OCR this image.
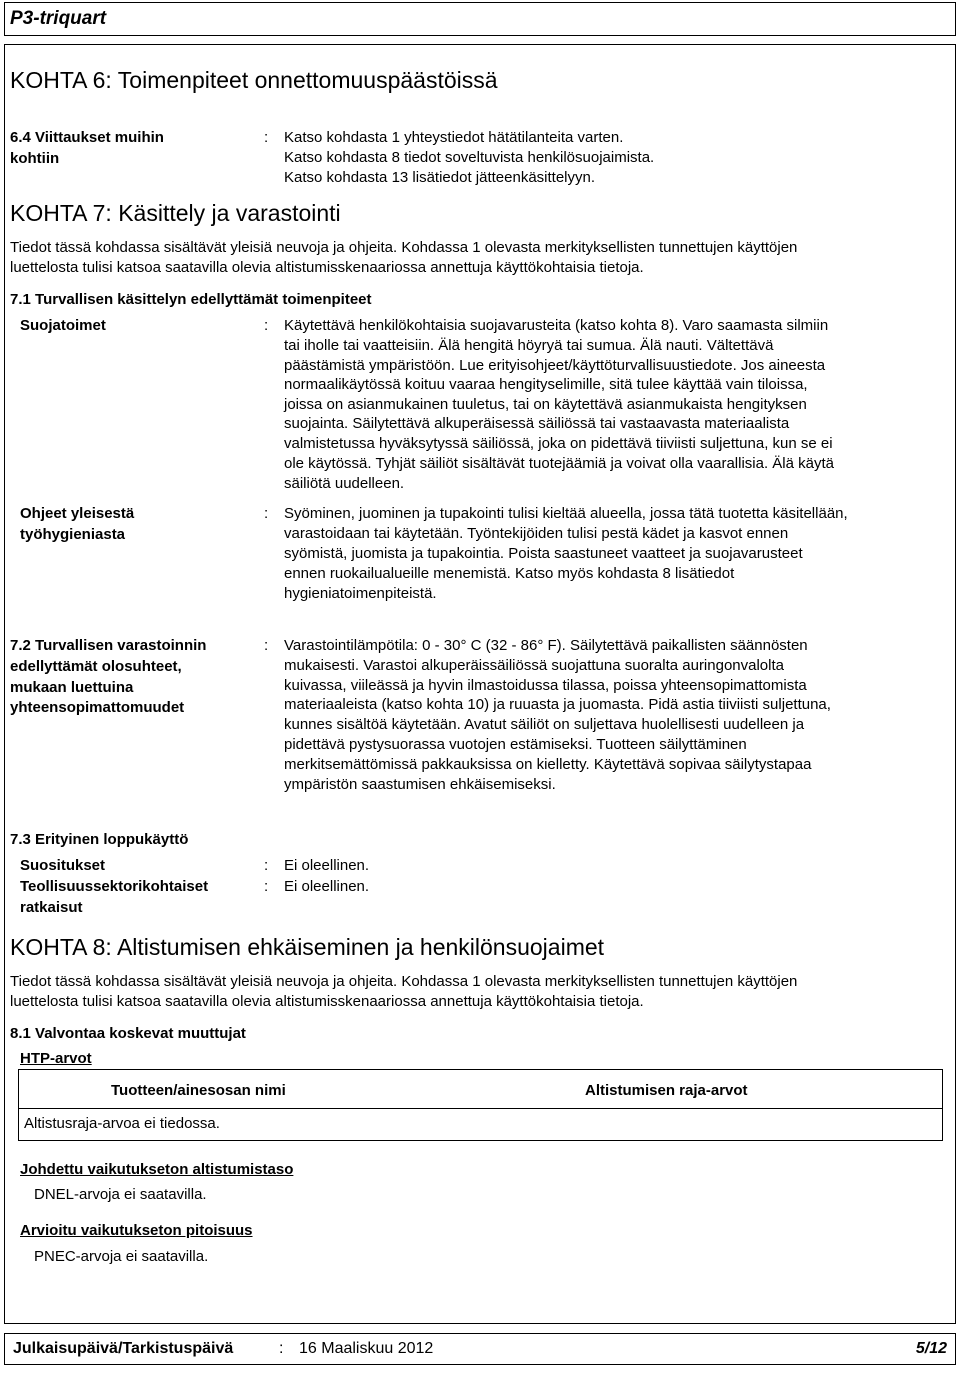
P3-triquart
KOHTA 6: Toimenpiteet onnettomuuspäästöissä
6.4 Viittaukset muihin
kohtiin
: Katso kohdasta 1 yhteystiedot hätätilanteita varten.
Katso kohdasta 8 tiedot soveltuvista henkilösuojaimista.
Katso kohdasta 13 lisätiedot jätteenkäsittelyyn.
KOHTA 7: Käsittely ja varastointi
Tiedot tässä kohdassa sisältävät yleisiä neuvoja ja ohjeita. Kohdassa 1 olevasta merkityksellisten tunnettujen käyttöjen
luettelosta tulisi katsoa saatavilla olevia altistumisskenaariossa annettuja käyttökohtaisia tietoja.
7.1 Turvallisen käsittelyn edellyttämät toimenpiteet
Suojatoimet	: Käytettävä henkilökohtaisia suojavarusteita (katso kohta 8). Varo saamasta silmiin
tai iholle tai vaatteisiin. Älä hengitä höyryä tai sumua. Älä nauti. Vältettävä
päästämistä ympäristöön. Lue erityisohjeet/käyttöturvallisuustiedote. Jos aineesta
normaalikäytössä koituu vaaraa hengityselimille, sitä tulee käyttää vain tiloissa,
joissa on asianmukainen tuuletus, tai on käytettävä asianmukaista hengityksen
suojainta. Säilytettävä alkuperäisessä säiliössä tai vastaavasta materiaalista
valmistetussa hyväksytyssä säiliössä, joka on pidettävä tiiviisti suljettuna, kun se ei
ole käytössä. Tyhjät säiliöt sisältävät tuotejäämiä ja voivat olla vaarallisia. Älä käytä
säiliötä uudelleen.
Ohjeet yleisestä
työhygieniasta
: Syöminen, juominen ja tupakointi tulisi kieltää alueella, jossa tätä tuotetta käsitellään,
varastoidaan tai käytetään. Työntekijöiden tulisi pestä kädet ja kasvot ennen
syömistä, juomista ja tupakointia. Poista saastuneet vaatteet ja suojavarusteet
ennen ruokailualueille menemistä. Katso myös kohdasta 8 lisätiedot
hygieniatoimenpiteistä.
7.2 Turvallisen varastoinnin
edellyttämät olosuhteet,
mukaan luettuina
yhteensopimattomuudet
: Varastointilämpötila: 0 - 30° C (32 - 86° F). Säilytettävä paikallisten säännösten
mukaisesti. Varastoi alkuperäissäiliössä suojattuna suoralta auringonvalolta
kuivassa, viileässä ja hyvin ilmastoidussa tilassa, poissa yhteensopimattomista
materiaaleista (katso kohta 10) ja ruuasta ja juomasta. Pidä astia tiiviisti suljettuna,
kunnes sisältöä käytetään. Avatut säiliöt on suljettava huolellisesti uudelleen ja
pidettävä pystysuorassa vuotojen estämiseksi. Tuotteen säilyttäminen
merkitsemättömissä pakkauksissa on kielletty. Käytettävä sopivaa säilytystapaa
ympäristön saastumisen ehkäisemiseksi.
7.3 Erityinen loppukäyttö
Suositukset	: Ei oleellinen.
Teollisuussektorikohtaiset
ratkaisut
: Ei oleellinen.
KOHTA 8: Altistumisen ehkäiseminen ja henkilönsuojaimet
Tiedot tässä kohdassa sisältävät yleisiä neuvoja ja ohjeita. Kohdassa 1 olevasta merkityksellisten tunnettujen käyttöjen
luettelosta tulisi katsoa saatavilla olevia altistumisskenaariossa annettuja käyttökohtaisia tietoja.
8.1 Valvontaa koskevat muuttujat
HTP-arvot
Tuotteen/ainesosan nimi	Altistumisen raja-arvot
Altistusraja-arvoa ei tiedossa.
Johdettu vaikutukseton altistumistaso
DNEL-arvoja ei saatavilla.
Arvioitu vaikutukseton pitoisuus
PNEC-arvoja ei saatavilla.
Julkaisupäivä/Tarkistuspäivä	: 16 Maaliskuu 2012	5/12
